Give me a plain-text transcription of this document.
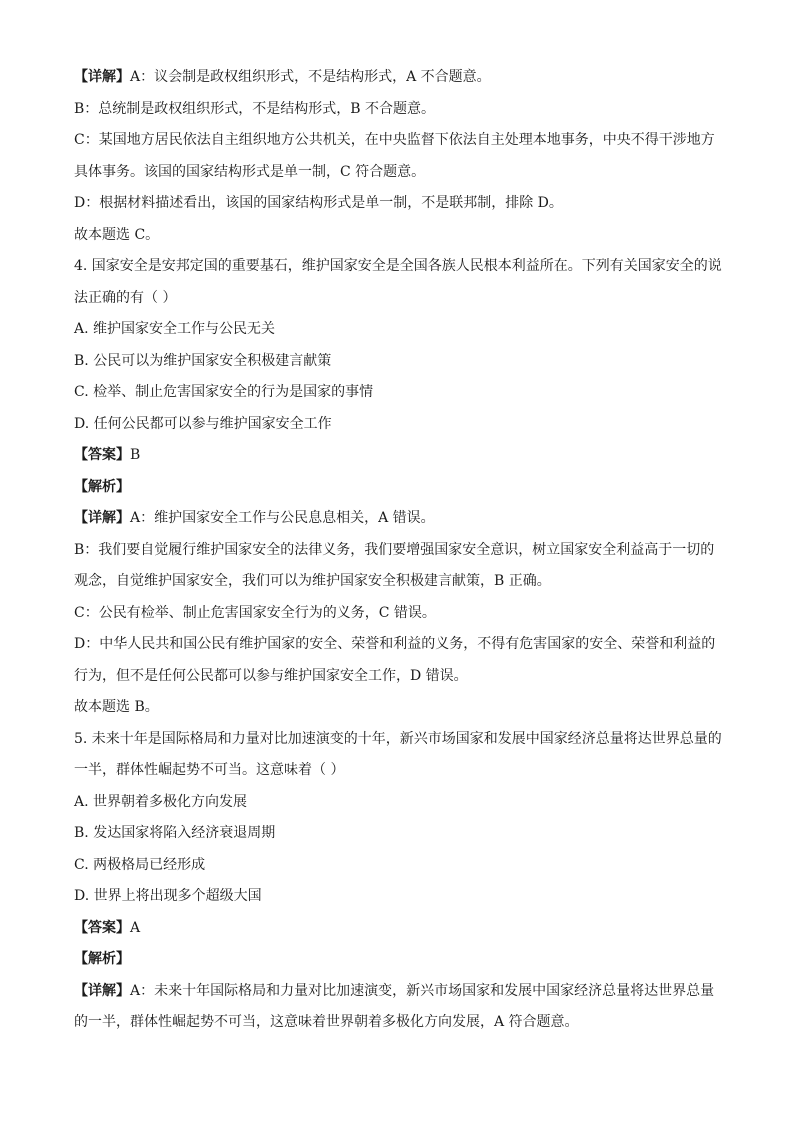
【详解】A：议会制是政权组织形式，不是结构形式，A 不合题意。
B：总统制是政权组织形式，不是结构形式，B 不合题意。
C：某国地方居民依法自主组织地方公共机关，在中央监督下依法自主处理本地事务，中央不得干涉地方
具体事务。该国的国家结构形式是单一制，C 符合题意。
D：根据材料描述看出，该国的国家结构形式是单一制，不是联邦制，排除 D。
故本题选 C。
4. 国家安全是安邦定国的重要基石，维护国家安全是全国各族人民根本利益所在。下列有关国家安全的说
法正确的有（ ）
A. 维护国家安全工作与公民无关
B. 公民可以为维护国家安全积极建言献策
C. 检举、制止危害国家安全的行为是国家的事情
D. 任何公民都可以参与维护国家安全工作
【答案】B
【解析】
【详解】A：维护国家安全工作与公民息息相关，A 错误。
B：我们要自觉履行维护国家安全的法律义务，我们要增强国家安全意识，树立国家安全利益高于一切的
观念，自觉维护国家安全，我们可以为维护国家安全积极建言献策，B 正确。
C：公民有检举、制止危害国家安全行为的义务，C 错误。
D：中华人民共和国公民有维护国家的安全、荣誉和利益的义务，不得有危害国家的安全、荣誉和利益的
行为，但不是任何公民都可以参与维护国家安全工作，D 错误。
故本题选 B。
5. 未来十年是国际格局和力量对比加速演变的十年，新兴市场国家和发展中国家经济总量将达世界总量的
一半，群体性崛起势不可当。这意味着（ ）
A. 世界朝着多极化方向发展
B. 发达国家将陷入经济衰退周期
C. 两极格局已经形成
D. 世界上将出现多个超级大国
【答案】A
【解析】
【详解】A：未来十年国际格局和力量对比加速演变，新兴市场国家和发展中国家经济总量将达世界总量
的一半，群体性崛起势不可当，这意味着世界朝着多极化方向发展，A 符合题意。
